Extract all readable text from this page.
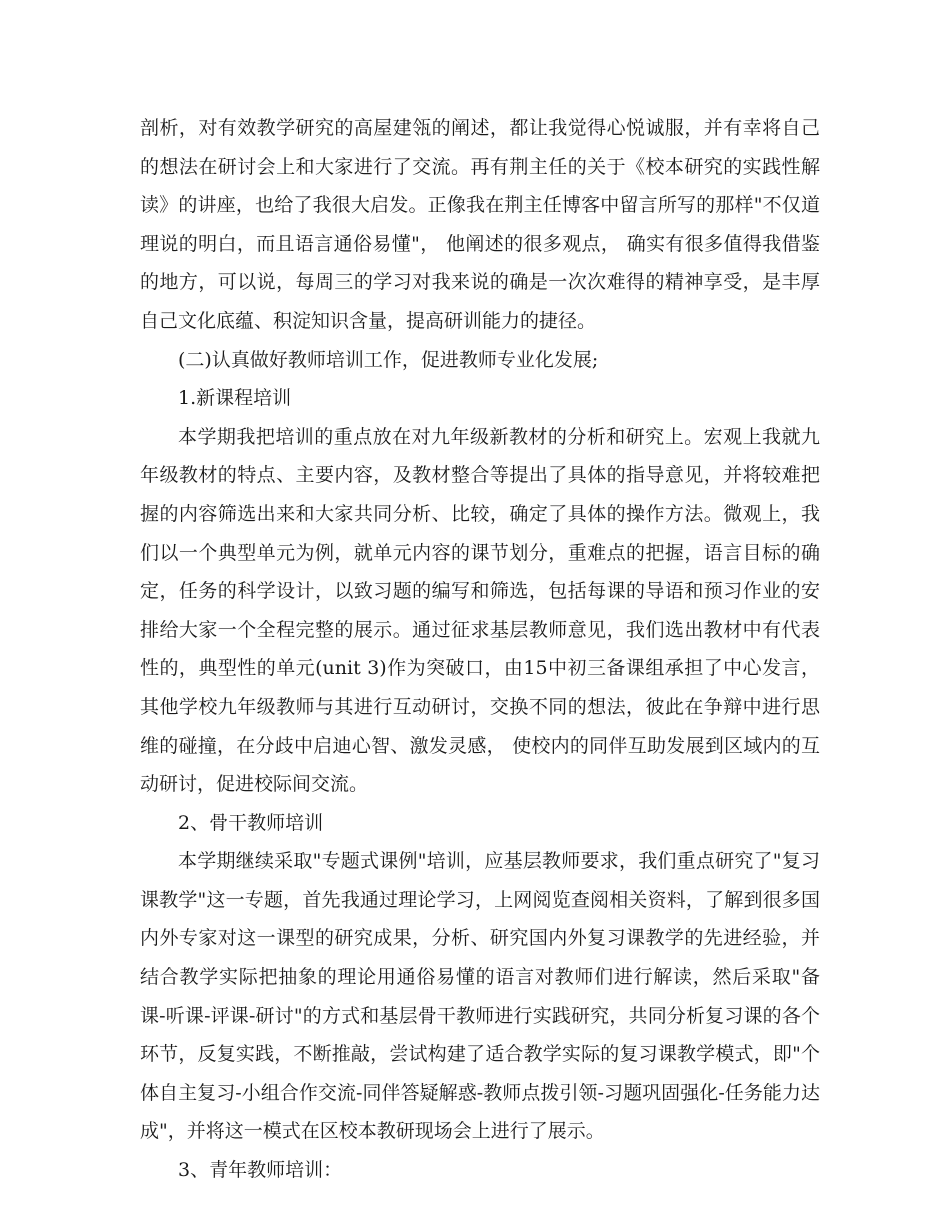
剖析，对有效教学研究的高屋建瓴的阐述，都让我觉得心悦诚服，并有幸将自己的想法在研讨会上和大家进行了交流。再有荆主任的关于《校本研究的实践性解读》的讲座，也给了我很大启发。正像我在荆主任博客中留言所写的那样"不仅道理说的明白，而且语言通俗易懂"， 他阐述的很多观点， 确实有很多值得我借鉴的地方，可以说，每周三的学习对我来说的确是一次次难得的精神享受，是丰厚自己文化底蕴、积淀知识含量，提高研训能力的捷径。

(二)认真做好教师培训工作，促进教师专业化发展;

1.新课程培训

本学期我把培训的重点放在对九年级新教材的分析和研究上。宏观上我就九年级教材的特点、主要内容，及教材整合等提出了具体的指导意见，并将较难把握的内容筛选出来和大家共同分析、比较，确定了具体的操作方法。微观上，我们以一个典型单元为例，就单元内容的课节划分，重难点的把握，语言目标的确定，任务的科学设计，以致习题的编写和筛选，包括每课的导语和预习作业的安排给大家一个全程完整的展示。通过征求基层教师意见，我们选出教材中有代表性的，典型性的单元(unit 3)作为突破口，由15中初三备课组承担了中心发言，其他学校九年级教师与其进行互动研讨，交换不同的想法，彼此在争辩中进行思维的碰撞，在分歧中启迪心智、激发灵感， 使校内的同伴互助发展到区域内的互动研讨，促进校际间交流。

2、骨干教师培训

本学期继续采取"专题式课例"培训，应基层教师要求，我们重点研究了"复习课教学"这一专题，首先我通过理论学习，上网阅览查阅相关资料，了解到很多国内外专家对这一课型的研究成果，分析、研究国内外复习课教学的先进经验，并结合教学实际把抽象的理论用通俗易懂的语言对教师们进行解读，然后采取"备课-听课-评课-研讨"的方式和基层骨干教师进行实践研究，共同分析复习课的各个环节，反复实践，不断推敲，尝试构建了适合教学实际的复习课教学模式，即"个体自主复习-小组合作交流-同伴答疑解惑-教师点拨引领-习题巩固强化-任务能力达成"，并将这一模式在区校本教研现场会上进行了展示。

3、青年教师培训：
